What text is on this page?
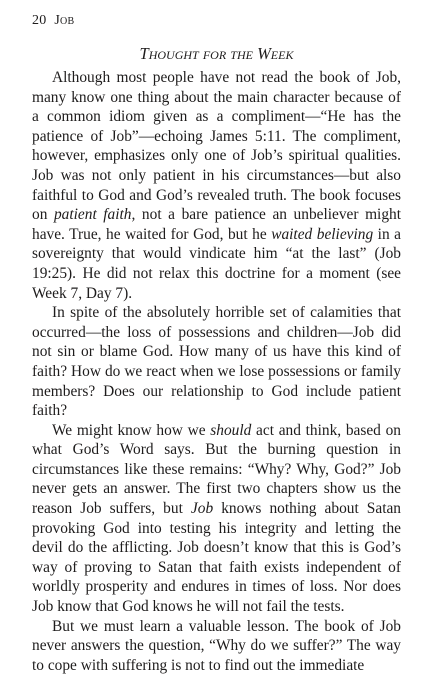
20 Job
Thought for the Week

Although most people have not read the book of Job, many know one thing about the main character because of a common idiom given as a compliment—“He has the patience of Job”—echoing James 5:11. The compliment, however, emphasizes only one of Job’s spiritual qualities. Job was not only patient in his circumstances—but also faithful to God and God’s revealed truth. The book focuses on patient faith, not a bare patience an unbeliever might have. True, he waited for God, but he waited believing in a sovereignty that would vindicate him “at the last” (Job 19:25). He did not relax this doctrine for a moment (see Week 7, Day 7).

In spite of the absolutely horrible set of calamities that occurred—the loss of possessions and children—Job did not sin or blame God. How many of us have this kind of faith? How do we react when we lose possessions or family members? Does our relationship to God include patient faith?

We might know how we should act and think, based on what God’s Word says. But the burning question in circumstances like these remains: “Why? Why, God?” Job never gets an answer. The first two chapters show us the reason Job suffers, but Job knows nothing about Satan provoking God into testing his integrity and letting the devil do the afflicting. Job doesn’t know that this is God’s way of proving to Satan that faith exists independent of worldly prosperity and endures in times of loss. Nor does Job know that God knows he will not fail the tests.

But we must learn a valuable lesson. The book of Job never answers the question, “Why do we suffer?” The way to cope with suffering is not to find out the immediate
